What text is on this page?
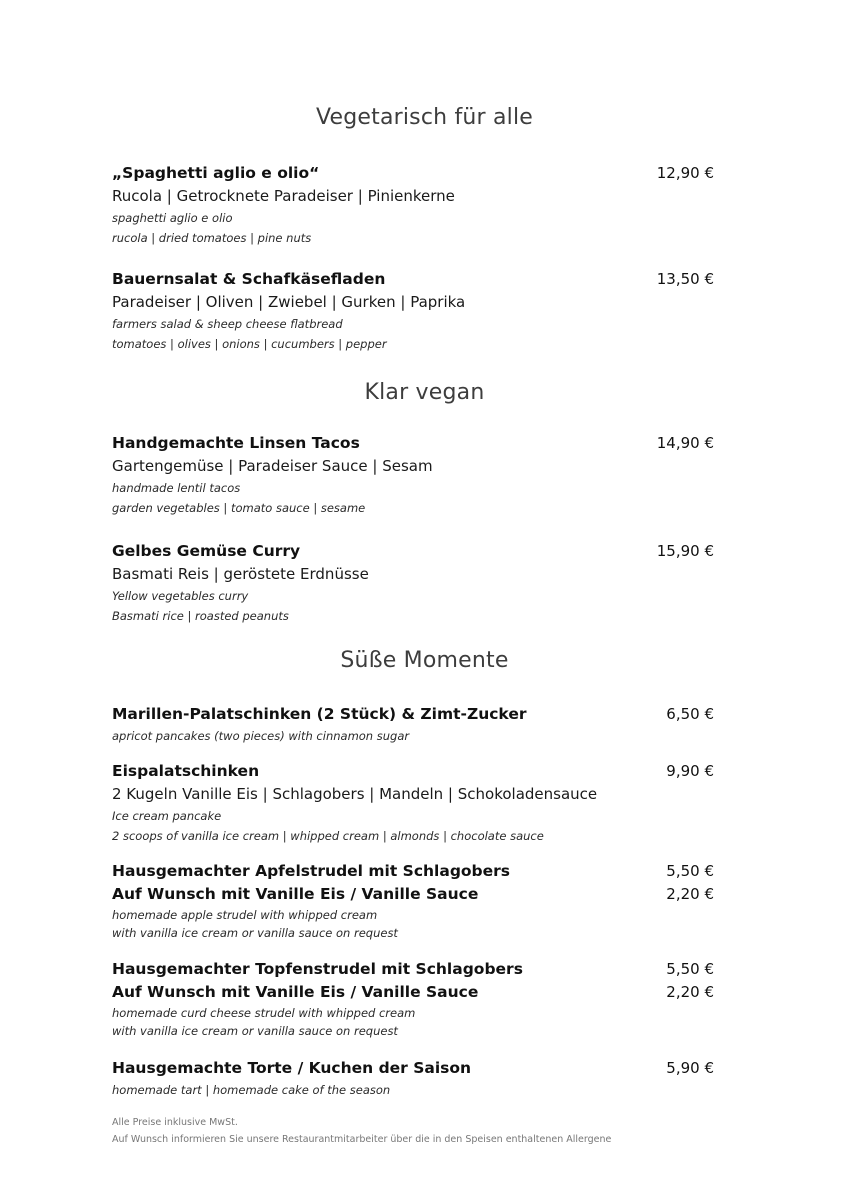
Vegetarisch für alle
„Spaghetti aglio e olio“	12,90 €
Rucola | Getrocknete Paradeiser | Pinienkerne
spaghetti aglio e olio
rucola | dried tomatoes | pine nuts
Bauernsalat & Schafkäsefladen	13,50 €
Paradeiser | Oliven | Zwiebel | Gurken | Paprika
farmers salad & sheep cheese flatbread
tomatoes | olives | onions | cucumbers | pepper
Klar vegan
Handgemachte Linsen Tacos	14,90 €
Gartengemüse | Paradeiser Sauce | Sesam
handmade lentil tacos
garden vegetables | tomato sauce | sesame
Gelbes Gemüse Curry	15,90 €
Basmati Reis | geröstete Erdnüsse
Yellow vegetables curry
Basmati rice | roasted peanuts
Süße Momente
Marillen-Palatschinken (2 Stück) & Zimt-Zucker	6,50 €
apricot pancakes (two pieces) with cinnamon sugar
Eispalatschinken	9,90 €
2 Kugeln Vanille Eis | Schlagobers | Mandeln | Schokoladensauce
Ice cream pancake
2 scoops of vanilla ice cream | whipped cream | almonds | chocolate sauce
Hausgemachter Apfelstrudel mit Schlagobers	5,50 €
Auf Wunsch mit Vanille Eis / Vanille Sauce	2,20 €
homemade apple strudel with whipped cream
with vanilla ice cream or vanilla sauce on request
Hausgemachter Topfenstrudel mit Schlagobers	5,50 €
Auf Wunsch mit Vanille Eis / Vanille Sauce	2,20 €
homemade curd cheese strudel with whipped cream
with vanilla ice cream or vanilla sauce on request
Hausgemachte Torte / Kuchen der Saison	5,90 €
homemade tart | homemade cake of the season
Alle Preise inklusive MwSt.
Auf Wunsch informieren Sie unsere Restaurantmitarbeiter über die in den Speisen enthaltenen Allergene
